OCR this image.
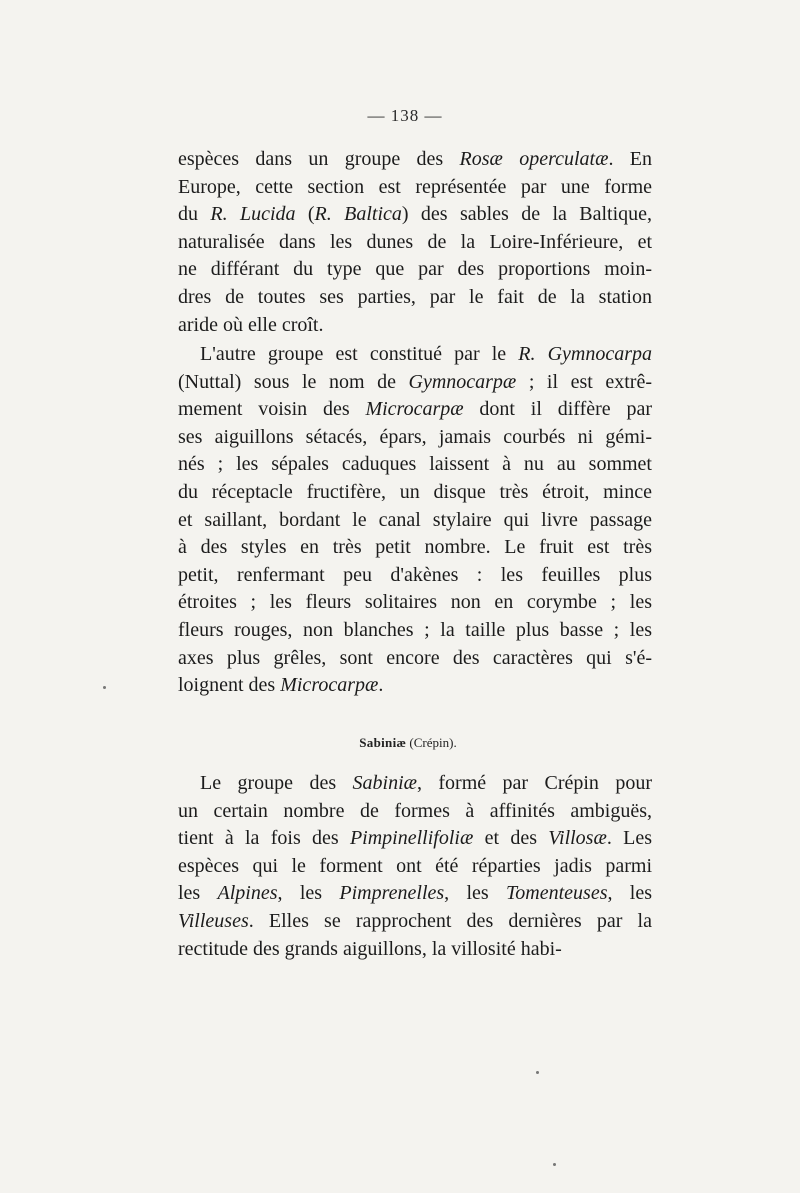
— 138 —
espèces dans un groupe des Rosæ operculatæ. En
Europe, cette section est représentée par une forme
du R. Lucida (R. Baltica) des sables de la Baltique,
naturalisée dans les dunes de la Loire-Inférieure, et
ne différant du type que par des proportions moin-
dres de toutes ses parties, par le fait de la station
aride où elle croît.
L'autre groupe est constitué par le R. Gymnocarpa
(Nuttal) sous le nom de Gymnocarpæ ; il est extrê-
mement voisin des Microcarpæ dont il diffère par
ses aiguillons sétacés, épars, jamais courbés ni gémi-
nés ; les sépales caduques laissent à nu au sommet
du réceptacle fructifère, un disque très étroit, mince
et saillant, bordant le canal stylaire qui livre passage
à des styles en très petit nombre. Le fruit est très
petit, renfermant peu d'akènes : les feuilles plus
étroites ; les fleurs solitaires non en corymbe ; les
fleurs rouges, non blanches ; la taille plus basse ; les
axes plus grêles, sont encore des caractères qui s'é-
loignent des Microcarpæ.
Sabiniæ (Crépin).
Le groupe des Sabiniæ, formé par Crépin pour
un certain nombre de formes à affinités ambiguës,
tient à la fois des Pimpinellifoliæ et des Villosæ. Les
espèces qui le forment ont été réparties jadis parmi
les Alpines, les Pimprenelles, les Tomenteuses, les
Villeuses. Elles se rapprochent des dernières par la
rectitude des grands aiguillons, la villosité habi-
